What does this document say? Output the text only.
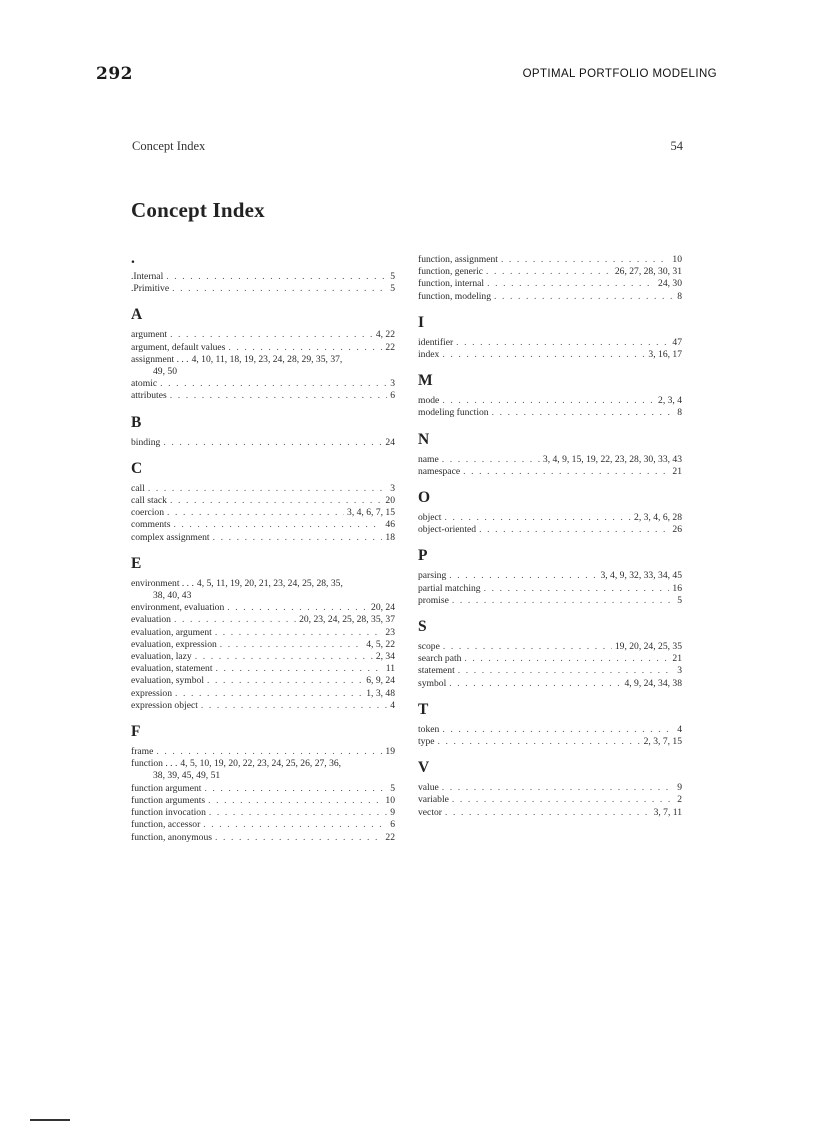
292	OPTIMAL PORTFOLIO MODELING
Concept Index	54
Concept Index
.
.Internal . . .	5
.Primitive . . .	5
A
argument . . .	4, 22
argument, default values . . .	22
assignment . . . 4, 10, 11, 18, 19, 23, 24, 28, 29, 35, 37,
49, 50
atomic . . .	3
attributes . . .	6
B
binding . . .	24
C
call . . .	3
call stack . . .	20
coercion . . .	3, 4, 6, 7, 15
comments . . .	46
complex assignment . . .	18
E
environment . . . 4, 5, 11, 19, 20, 21, 23, 24, 25, 28, 35,
38, 40, 43
environment, evaluation . . .	20, 24
evaluation . . .	20, 23, 24, 25, 28, 35, 37
evaluation, argument . . .	23
evaluation, expression . . .	4, 5, 22
evaluation, lazy . . .	2, 34
evaluation, statement . . .	11
evaluation, symbol . . .	6, 9, 24
expression . . .	1, 3, 48
expression object . . .	4
F
frame . . .	19
function . . . 4, 5, 10, 19, 20, 22, 23, 24, 25, 26, 27, 36,
38, 39, 45, 49, 51
function argument . . .	5
function arguments . . .	10
function invocation . . .	9
function, accessor . . .	6
function, anonymous . . .	22
function, assignment . . .	10
function, generic . . .	26, 27, 28, 30, 31
function, internal . . .	24, 30
function, modeling . . .	8
I
identifier . . .	47
index . . .	3, 16, 17
M
mode . . .	2, 3, 4
modeling function . . .	8
N
name . . .	3, 4, 9, 15, 19, 22, 23, 28, 30, 33, 43
namespace . . .	21
O
object . . .	2, 3, 4, 6, 28
object-oriented . . .	26
P
parsing . . .	3, 4, 9, 32, 33, 34, 45
partial matching . . .	16
promise . . .	5
S
scope . . .	19, 20, 24, 25, 35
search path . . .	21
statement . . .	3
symbol . . .	4, 9, 24, 34, 38
T
token . . .	4
type . . .	2, 3, 7, 15
V
value . . .	9
variable . . .	2
vector . . .	3, 7, 11
